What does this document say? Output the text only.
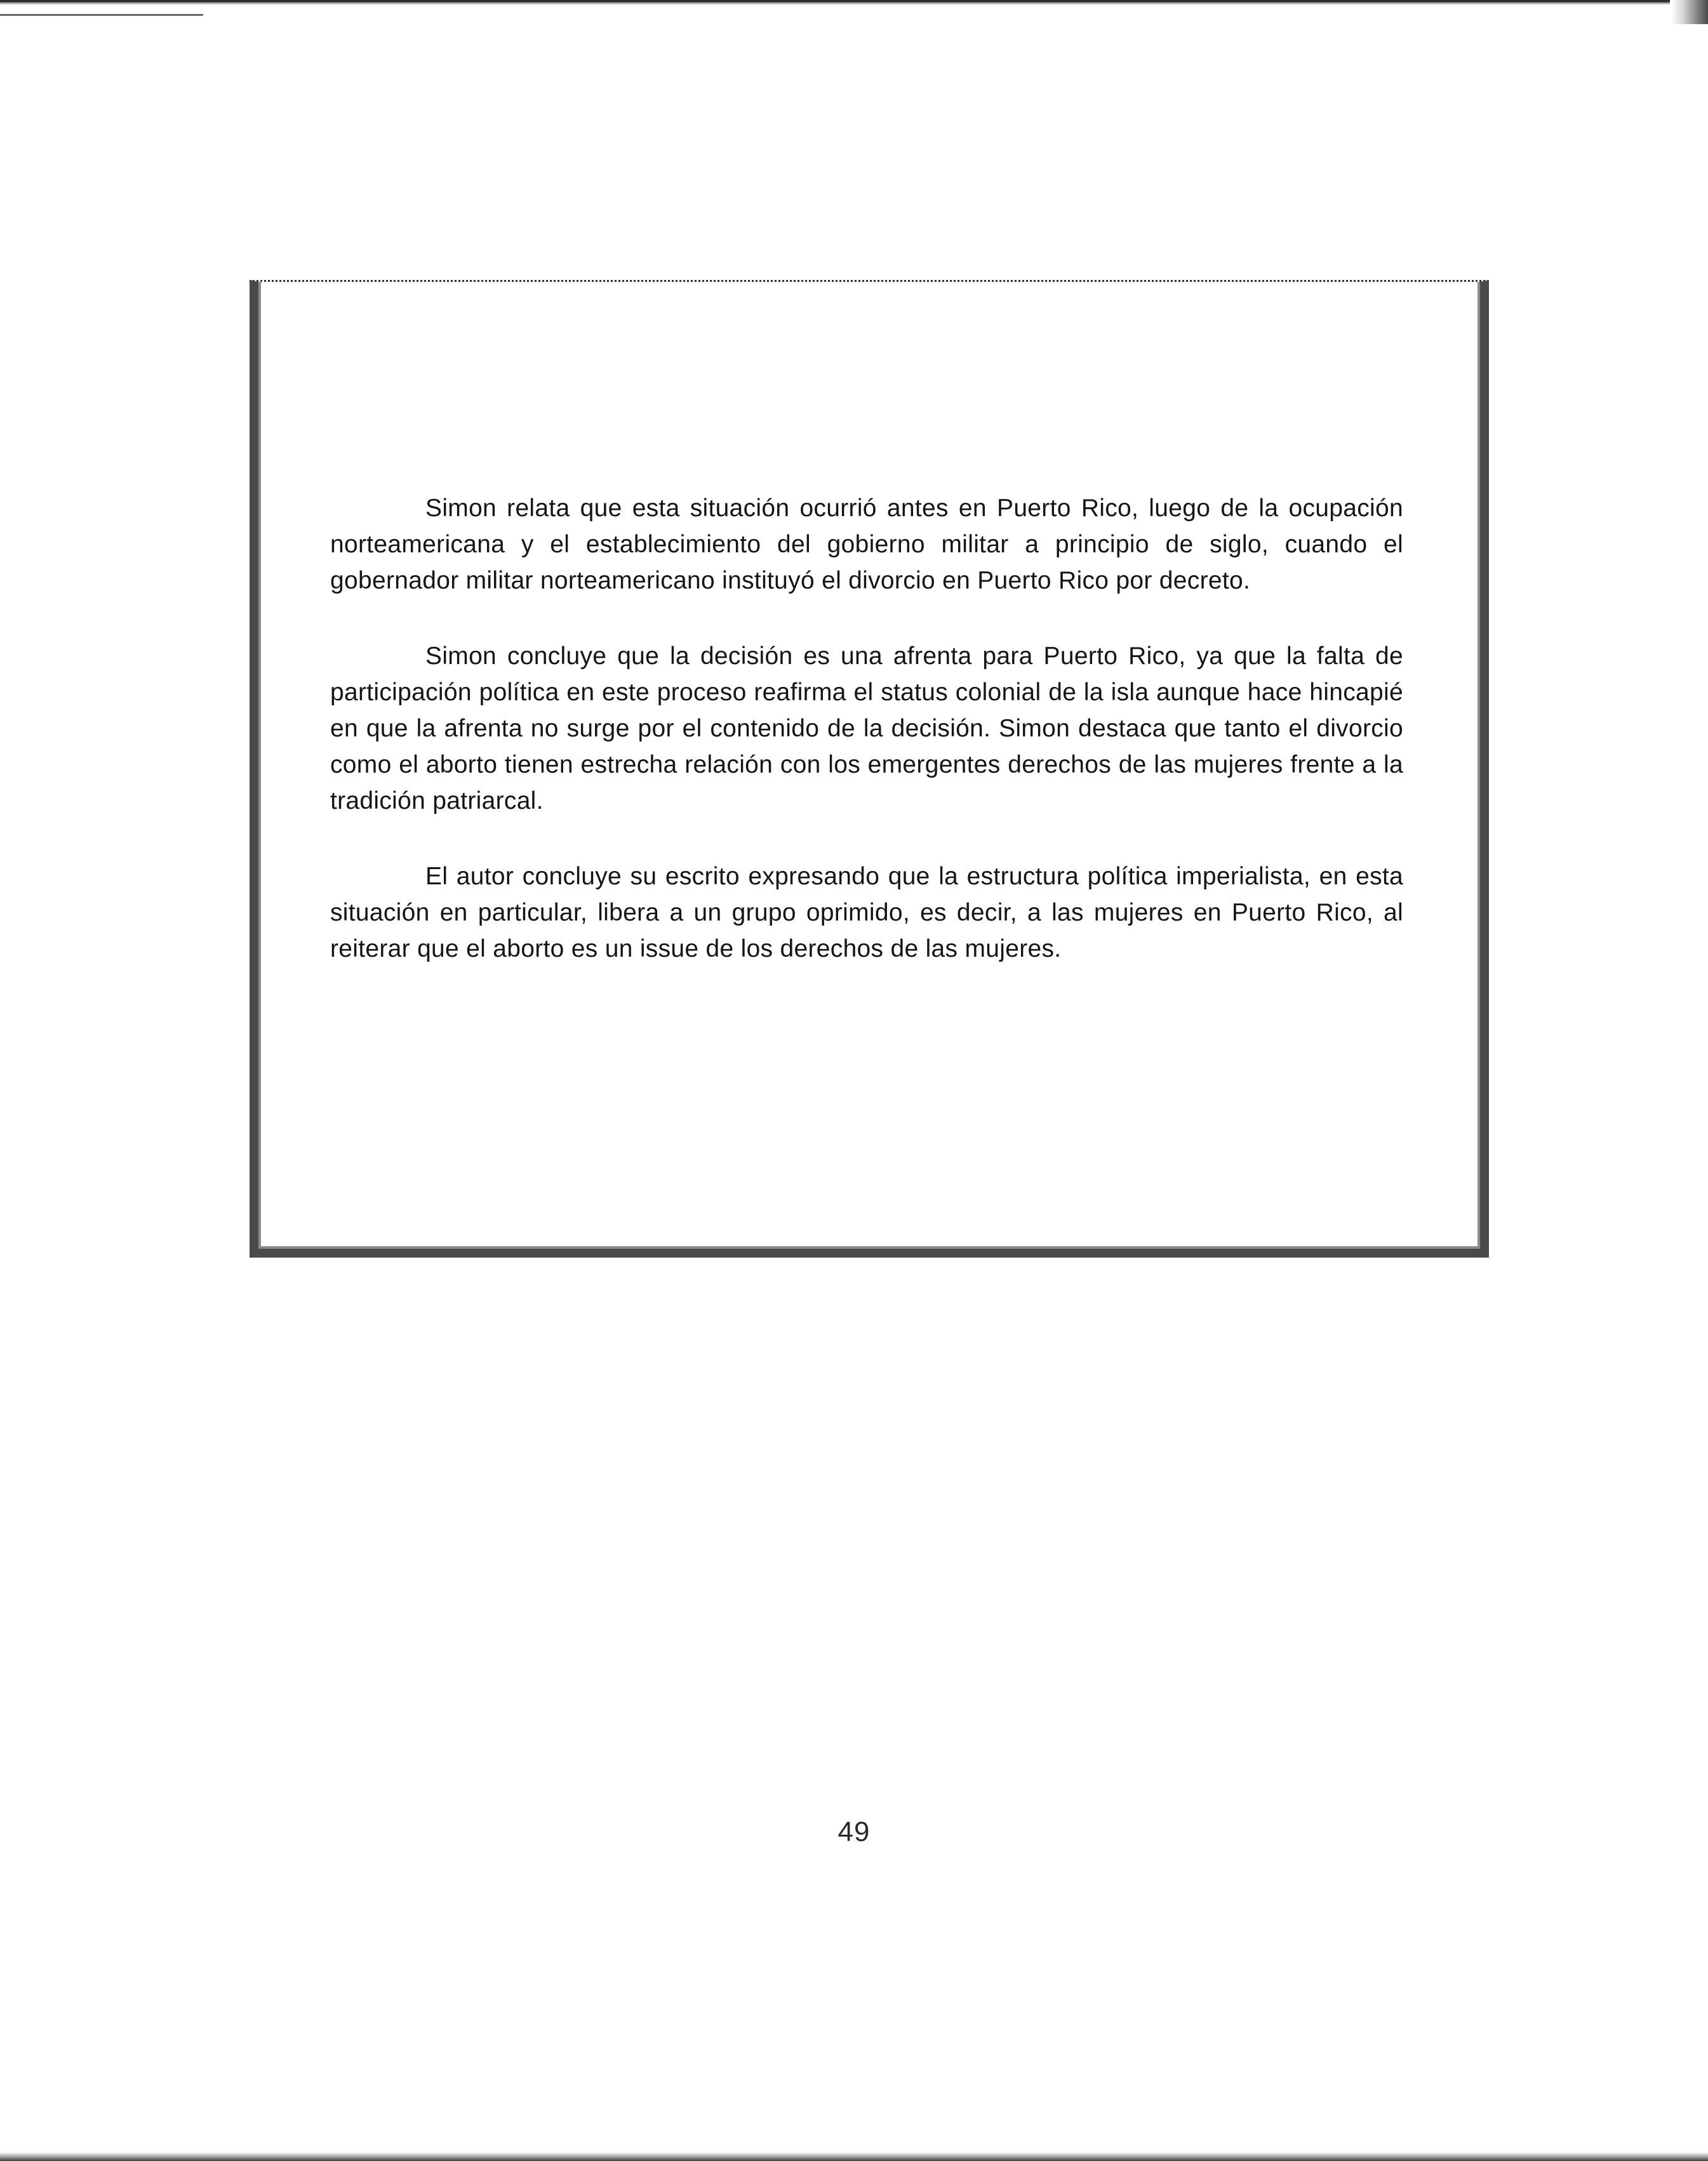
Simon relata que esta situación ocurrió antes en Puerto Rico, luego de la ocupación norteamericana y el establecimiento del gobierno militar a principio de siglo, cuando el gobernador militar norteamericano instituyó el divorcio en Puerto Rico por decreto.

Simon concluye que la decisión es una afrenta para Puerto Rico, ya que la falta de participación política en este proceso reafirma el status colonial de la isla aunque hace hincapié en que la afrenta no surge por el contenido de la decisión. Simon destaca que tanto el divorcio como el aborto tienen estrecha relación con los emergentes derechos de las mujeres frente a la tradición patriarcal.

El autor concluye su escrito expresando que la estructura política imperialista, en esta situación en particular, libera a un grupo oprimido, es decir, a las mujeres en Puerto Rico, al reiterar que el aborto es un issue de los derechos de las mujeres.

49
